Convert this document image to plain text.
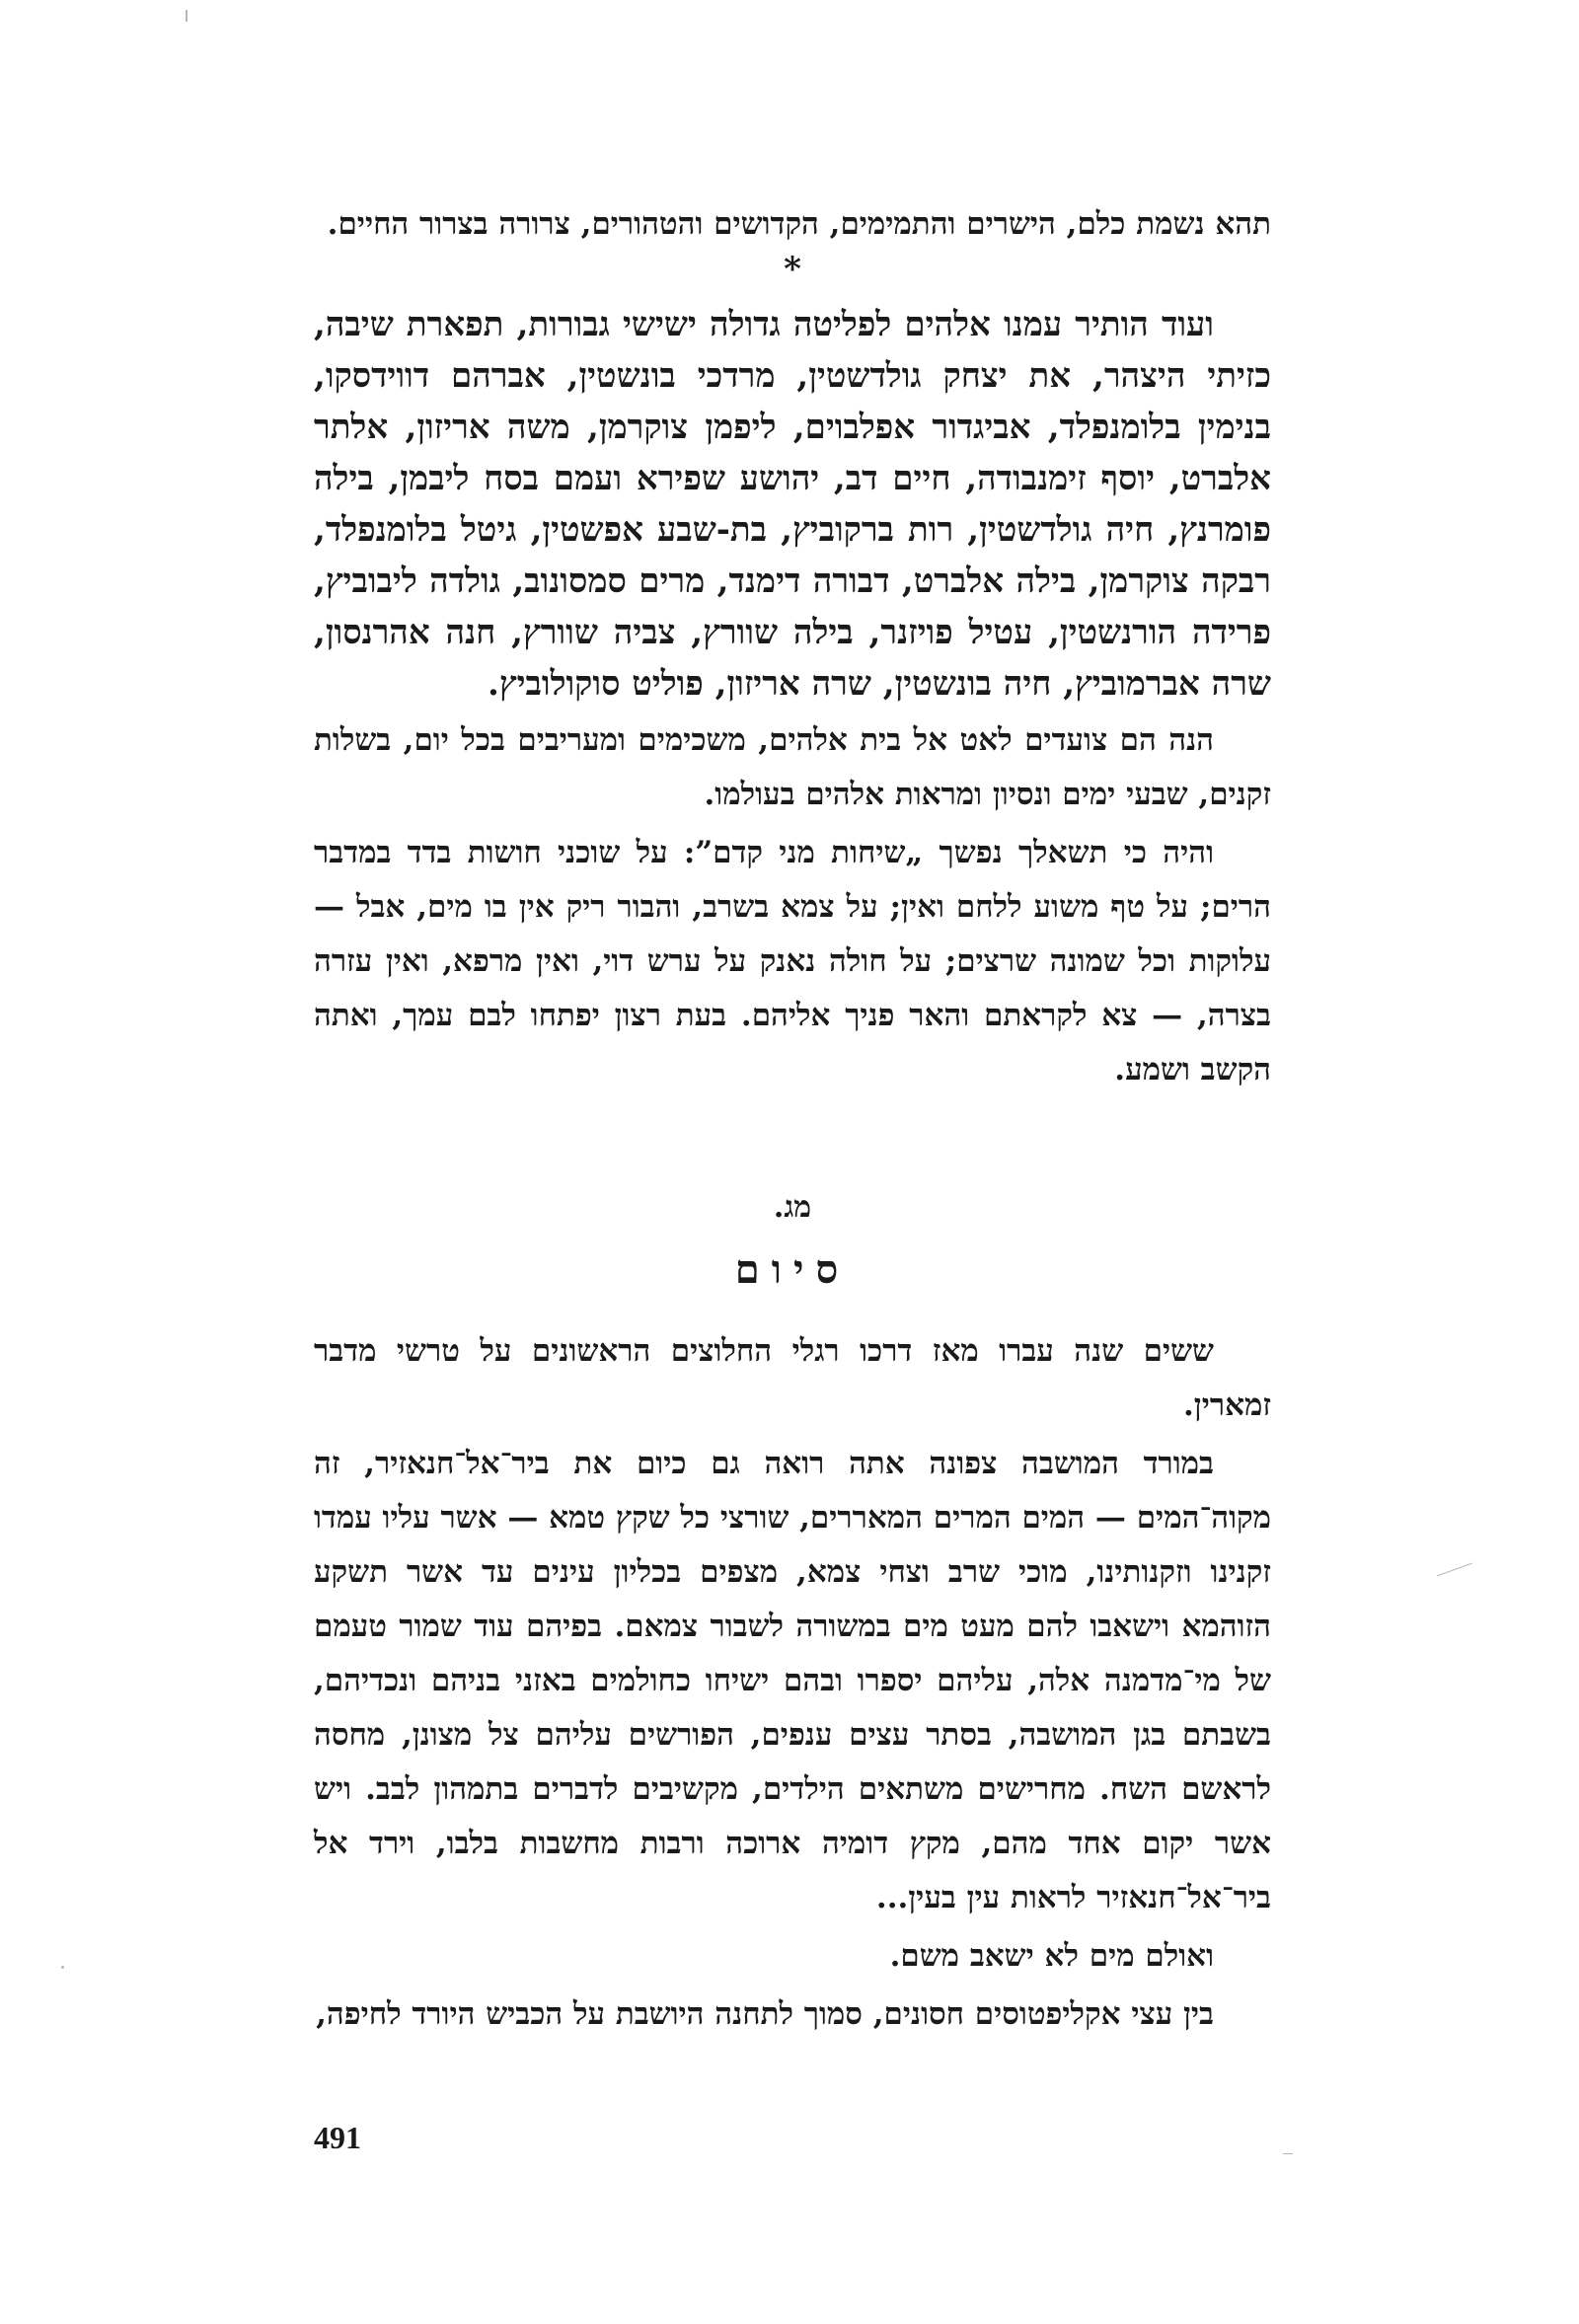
תהא נשמת כלם, הישרים והתמימים, הקדושים והטהורים, צרורה בצרור החיים.

*

ועוד הותיר עמנו אלהים לפליטה גדולה ישישי גבורות, תפארת שיבה, כזיתי היצהר, את יצחק גולדשטין, מרדכי בונשטין, אברהם דווידסקו, בנימין בלומנפלד, אביגדור אפלבוים, ליפמן צוקרמן, משה אריזון, אלתר אלברט, יוסף זימנבודה, חיים דב, יהושע שפירא ועמם בסח ליבמן, בילה פומרנץ, חיה גולדשטין, רות ברקוביץ, בת-שבע אפשטין, גיטל בלומנפלד, רבקה צוקרמן, בילה אלברט, דבורה דימנד, מרים סמסונוב, גולדה ליבוביץ, פרידה הורנשטין, עטיל פויזנר, בילה שוורץ, צביה שוורץ, חנה אהרנסון, שרה אברמוביץ, חיה בונשטין, שרה אריזון, פוליט סוקולוביץ.

הנה הם צועדים לאט אל בית אלהים, משכימים ומעריבים בכל יום, בשלות זקנים, שבעי ימים ונסיון ומראות אלהים בעולמו.

והיה כי תשאלך נפשך „שיחות מני קדם”: על שוכני חושות בדד במדבר הרים; על טף משוע ללחם ואין; על צמא בשרב, והבור ריק אין בו מים, אבל — עלוקות וכל שמונה שרצים; על חולה נאנק על ערש דוי, ואין מרפא, ואין עזרה בצרה, — צא לקראתם והאר פניך אליהם. בעת רצון יפתחו לבם עמך, ואתה הקשב ושמע.

מג.
סיום

ששים שנה עברו מאז דרכו רגלי החלוצים הראשונים על טרשי מדבר זמארין.

במורד המושבה צפונה אתה רואה גם כיום את ביר־אל־חנאזיר, זה מקוה־המים — המים המרים המאררים, שורצי כל שקץ טמא — אשר עליו עמדו זקנינו וזקנותינו, מוכי שרב וצחי צמא, מצפים בכליון עינים עד אשר תשקע הזוהמא וישאבו להם מעט מים במשורה לשבור צמאם. בפיהם עוד שמור טעמם של מי־מדמנה אלה, עליהם יספרו ובהם ישיחו כחולמים באזני בניהם ונכדיהם, בשבתם בגן המושבה, בסתר עצים ענפים, הפורשים עליהם צל מצונן, מחסה לראשם השח. מחרישים משתאים הילדים, מקשיבים לדברים בתמהון לבב. ויש אשר יקום אחד מהם, מקץ דומיה ארוכה ורבות מחשבות בלבו, וירד אל ביר־אל־חנאזיר לראות עין בעין...

ואולם מים לא ישאב משם.

בין עצי אקליפטוסים חסונים, סמוך לתחנה היושבת על הכביש היורד לחיפה,

491
